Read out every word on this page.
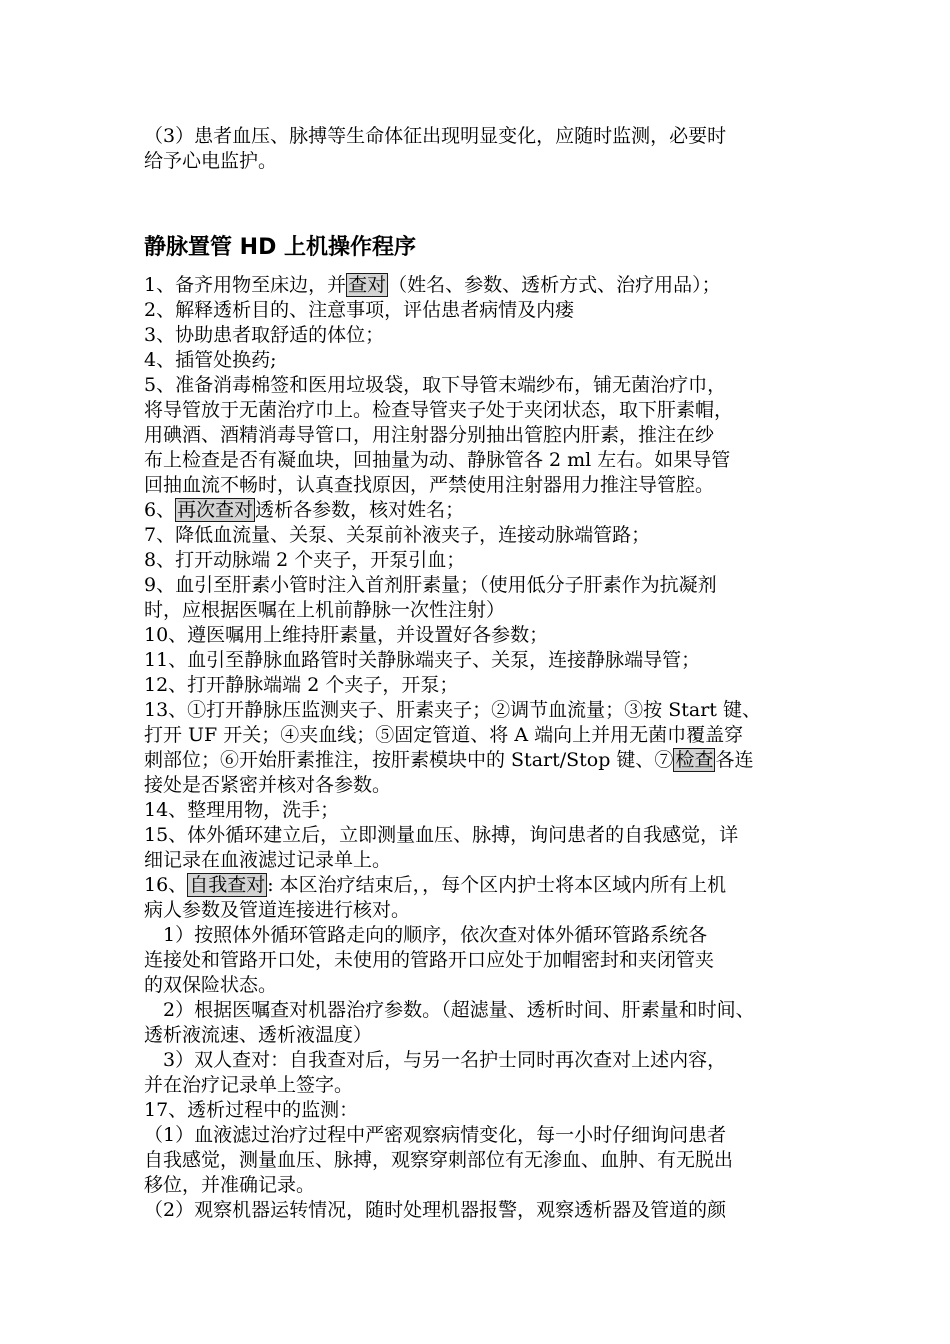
（3）患者血压、脉搏等生命体征出现明显变化，应随时监测，必要时
给予心电监护。
静脉置管 HD 上机操作程序
1、备齐用物至床边，并 查对 （姓名、参数、透析方式、治疗用品）；
2、解释透析目的、注意事项，评估患者病情及内瘘
3、协助患者取舒适的体位；
4、插管处换药;
5、准备消毒棉签和医用垃圾袋，取下导管末端纱布，铺无菌治疗巾，
将导管放于无菌治疗巾上。检查导管夹子处于夹闭状态，取下肝素帽，
用碘酒、酒精消毒导管口，用注射器分别抽出管腔内肝素，推注在纱
布上检查是否有凝血块，回抽量为动、静脉管各 2 ml 左右。如果导管
回抽血流不畅时，认真查找原因，严禁使用注射器用力推注导管腔。
6、 再次查对 透析各参数，核对姓名；
7、降低血流量、关泵、关泵前补液夹子，连接动脉端管路；
8、打开动脉端 2 个夹子，开泵引血；
9、血引至肝素小管时注入首剂肝素量；（使用低分子肝素作为抗凝剂
时，应根据医嘱在上机前静脉一次性注射）
10、遵医嘱用上维持肝素量，并设置好各参数；
11、血引至静脉血路管时关静脉端夹子、关泵，连接静脉端导管；
12、打开静脉端端 2 个夹子，开泵；
13、①打开静脉压监测夹子、肝素夹子；②调节血流量；③按 Start 键、
打开 UF 开关；④夹血线；⑤固定管道、将 A 端向上并用无菌巾覆盖穿
刺部位；⑥开始肝素推注，按肝素模块中的 Start/Stop 键、⑦ 检查 各连
接处是否紧密并核对各参数。
14、整理用物，洗手；
15、体外循环建立后，立即测量血压、脉搏，询问患者的自我感觉，详
细记录在血液滤过记录单上。
16、 自我查对 : 本区治疗结束后，，每个区内护士将本区域内所有上机
病人参数及管道连接进行核对。
　1）按照体外循环管路走向的顺序，依次查对体外循环管路系统各
连接处和管路开口处，未使用的管路开口应处于加帽密封和夹闭管夹
的双保险状态。
　2）根据医嘱查对机器治疗参数。（超滤量、透析时间、肝素量和时间、
透析液流速、透析液温度）
　3）双人查对：自我查对后，与另一名护士同时再次查对上述内容，
并在治疗记录单上签字。
17、透析过程中的监测：
（1）血液滤过治疗过程中严密观察病情变化，每一小时仔细询问患者
自我感觉，测量血压、脉搏，观察穿刺部位有无渗血、血肿、有无脱出
移位，并准确记录。
（2）观察机器运转情况，随时处理机器报警，观察透析器及管道的颜
